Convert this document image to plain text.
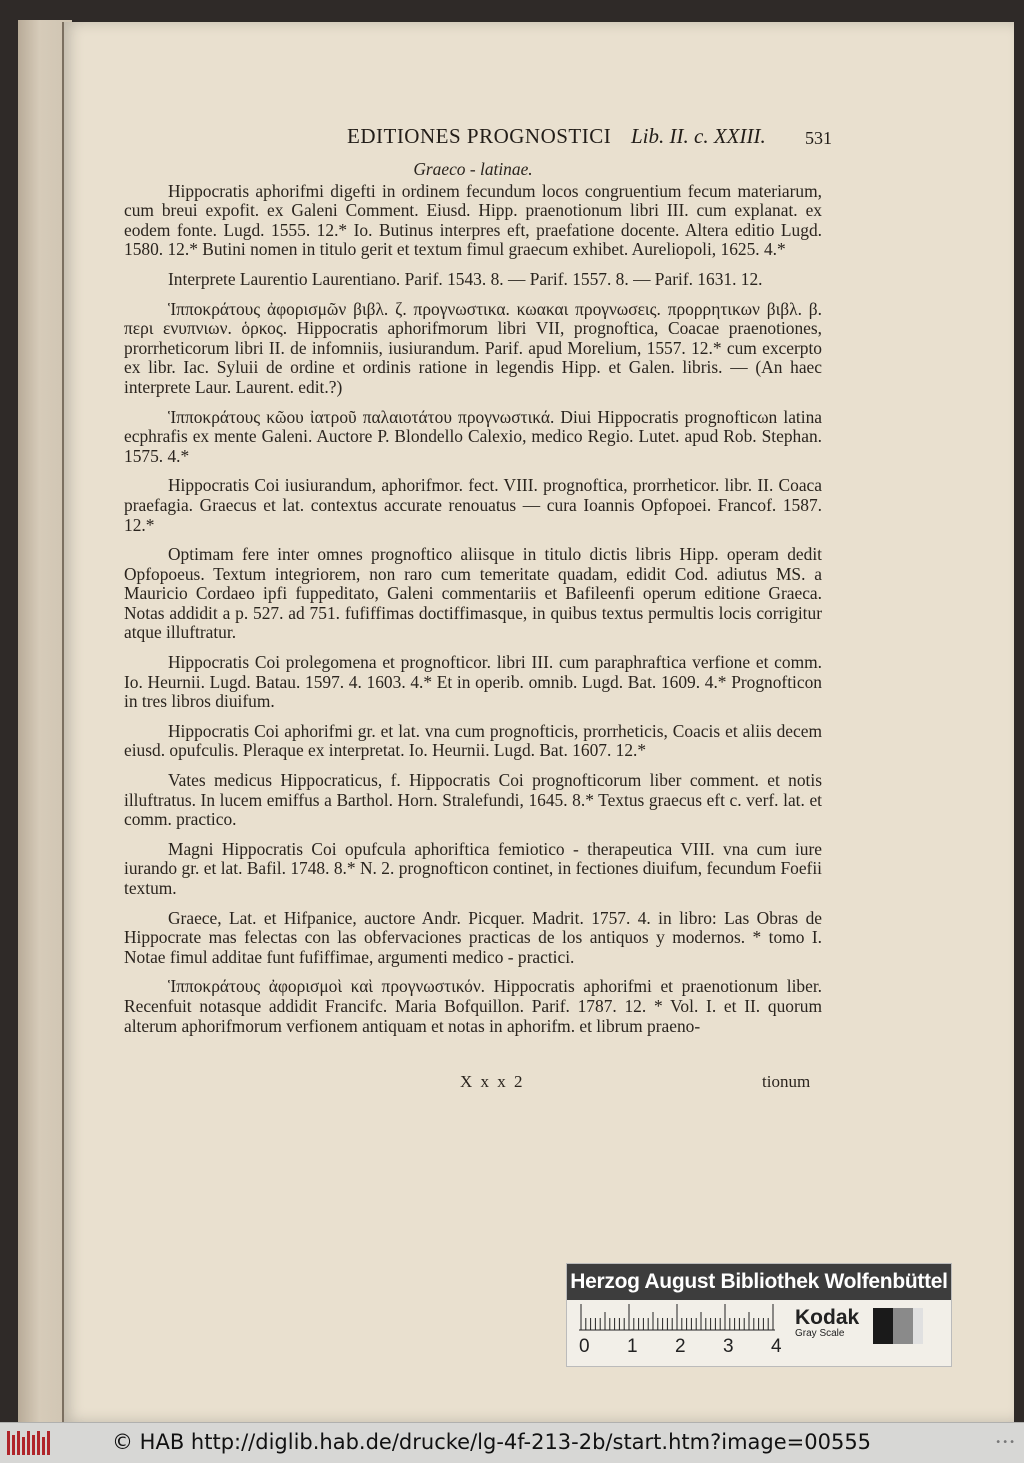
EDITIONES PROGNOSTICI Lib. II. c. XXIII. 531

Graeco - latinae.

Hippocratis aphorifmi digefti in ordinem fecundum locos congruentium fecum materiarum, cum breui expofit. ex Galeni Comment. Eiusd. Hipp. praenotionum libri III. cum explanat. ex eodem fonte. Lugd. 1555. 12.* Io. Butinus interpres eft, praefatione docente. Altera editio Lugd. 1580. 12.* Butini nomen in titulo gerit et textum fimul graecum exhibet. Aureliopoli, 1625. 4.*

Interprete Laurentio Laurentiano. Parif. 1543. 8. — Parif. 1557. 8. — Parif. 1631. 12.

Ἱπποκράτους ἀφορισμῶν βιβλ. ζ. προγνωστικα. κωακαι προγνωσεις. προρρητικων βιβλ. β. περι ενυπνιων. ὁρκος. Hippocratis aphorifmorum libri VII, prognoftica, Coacae praenotiones, prorrheticorum libri II. de infomniis, iusiurandum. Parif. apud Morelium, 1557. 12.* cum excerpto ex libr. Iac. Syluii de ordine et ordinis ratione in legendis Hipp. et Galen. libris. — (An haec interprete Laur. Laurent. edit.?)

Ἱπποκράτους κῶου ἰατροῦ παλαιοτάτου προγνωστικά. Diui Hippocratis prognofticωn latina ecphrafis ex mente Galeni. Auctore P. Blondello Calexio, medico Regio. Lutet. apud Rob. Stephan. 1575. 4.*

Hippocratis Coi iusiurandum, aphorifmor. fect. VIII. prognoftica, prorrheticor. libr. II. Coaca praefagia. Graecus et lat. contextus accurate renouatus — cura Ioannis Opfopoei. Francof. 1587. 12.*

Optimam fere inter omnes prognoftico aliisque in titulo dictis libris Hipp. operam dedit Opfopoeus. Textum integriorem, non raro cum temeritate quadam, edidit Cod. adiutus MS. a Mauricio Cordaeo ipfi fuppeditato, Galeni commentariis et Bafileenfi operum editione Graeca. Notas addidit a p. 527. ad 751. fufiffimas doctiffimasque, in quibus textus permultis locis corrigitur atque illuftratur.

Hippocratis Coi prolegomena et prognofticor. libri III. cum paraphraftica verfione et comm. Io. Heurnii. Lugd. Batau. 1597. 4. 1603. 4.* Et in operib. omnib. Lugd. Bat. 1609. 4.* Prognofticon in tres libros diuifum.

Hippocratis Coi aphorifmi gr. et lat. vna cum prognofticis, prorrheticis, Coacis et aliis decem eiusd. opufculis. Pleraque ex interpretat. Io. Heurnii. Lugd. Bat. 1607. 12.*

Vates medicus Hippocraticus, f. Hippocratis Coi prognofticorum liber comment. et notis illuftratus. In lucem emiffus a Barthol. Horn. Stralefundi, 1645. 8.* Textus graecus eft c. verf. lat. et comm. practico.

Magni Hippocratis Coi opufcula aphoriftica femiotico - therapeutica VIII. vna cum iure iurando gr. et lat. Bafil. 1748. 8.* N. 2. prognofticon continet, in fectiones diuifum, fecundum Foefii textum.

Graece, Lat. et Hifpanice, auctore Andr. Picquer. Madrit. 1757. 4. in libro: Las Obras de Hippocrate mas felectas con las obfervaciones practicas de los antiquos y modernos. * tomo I. Notae fimul additae funt fufiffimae, argumenti medico - practici.

Ἱπποκράτους ἀφορισμοὶ καὶ προγνωστικόν. Hippocratis aphorifmi et praenotionum liber. Recenfuit notasque addidit Francifc. Maria Bofquillon. Parif. 1787. 12. * Vol. I. et II. quorum alterum aphorifmorum verfionem antiquam et notas in aphorifm. et librum praeno-

X x x 2	tionum
Herzog August Bibliothek Wolfenbüttel
0 1 2 3 4
Kodak
Gray Scale
© HAB http://diglib.hab.de/drucke/lg-4f-213-2b/start.htm?image=00555	•••
